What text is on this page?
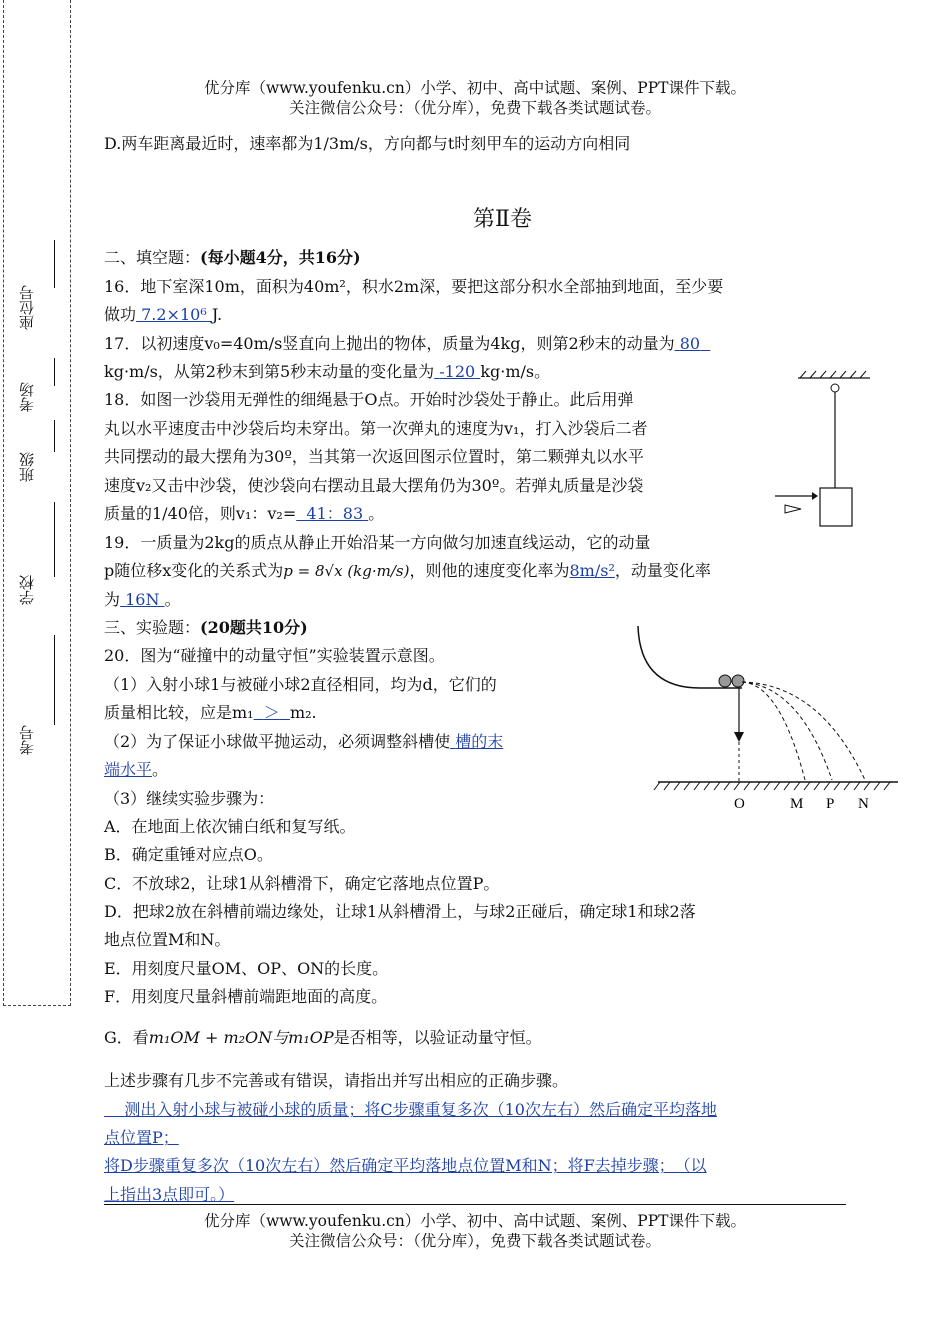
座位号
考场
班级
学校
考号
优分库（www.youfenku.cn）小学、初中、高中试题、案例、PPT课件下载。
关注微信公众号：（优分库），免费下载各类试题试卷。
D.两车距离最近时，速率都为1/3m/s，方向都与t时刻甲车的运动方向相同
第Ⅱ卷
二、填空题：(每小题4分，共16分)
16．地下室深10m，面积为40m²，积水2m深，要把这部分积水全部抽到地面，至少要
做功 7.2×10⁶ J.
17．以初速度v₀=40m/s竖直向上抛出的物体，质量为4kg，则第2秒末的动量为 80
kg·m/s，从第2秒末到第5秒末动量的变化量为 -120 kg·m/s。
18．如图一沙袋用无弹性的细绳悬于O点。开始时沙袋处于静止。此后用弹
丸以水平速度击中沙袋后均未穿出。第一次弹丸的速度为v₁，打入沙袋后二者
共同摆动的最大摆角为30º，当其第一次返回图示位置时，第二颗弹丸以水平
速度v₂又击中沙袋，使沙袋向右摆动且最大摆角仍为30º。若弹丸质量是沙袋
质量的1/40倍，则v₁：v₂= 41：83 。
19．一质量为2kg的质点从静止开始沿某一方向做匀加速直线运动，它的动量
p随位移x变化的关系式为p = 8√x (kg·m/s)，则他的速度变化率为8m/s²，动量变化率
为 16N 。
三、实验题：(20题共10分)
20．图为“碰撞中的动量守恒”实验装置示意图。
（1）入射小球1与被碰小球2直径相同，均为d，它们的
质量相比较，应是m₁ ＞ m₂.
（2）为了保证小球做平抛运动，必须调整斜槽使 槽的末
端水平。
（3）继续实验步骤为：
A．在地面上依次铺白纸和复写纸。
B．确定重锤对应点O。
C．不放球2，让球1从斜槽滑下，确定它落地点位置P。
D．把球2放在斜槽前端边缘处，让球1从斜槽滑上，与球2正碰后，确定球1和球2落
地点位置M和N。
E．用刻度尺量OM、OP、ON的长度。
F．用刻度尺量斜槽前端距地面的高度。
G．看m₁OM + m₂ON与m₁OP是否相等，以验证动量守恒。
上述步骤有几步不完善或有错误，请指出并写出相应的正确步骤。
测出入射小球与被碰小球的质量；将C步骤重复多次（10次左右）然后确定平均落地
点位置P；
将D步骤重复多次（10次左右）然后确定平均落地点位置M和N；将F去掉步骤；　（以
上指出3点即可。）
O	M P N
优分库（www.youfenku.cn）小学、初中、高中试题、案例、PPT课件下载。
关注微信公众号：（优分库），免费下载各类试题试卷。
